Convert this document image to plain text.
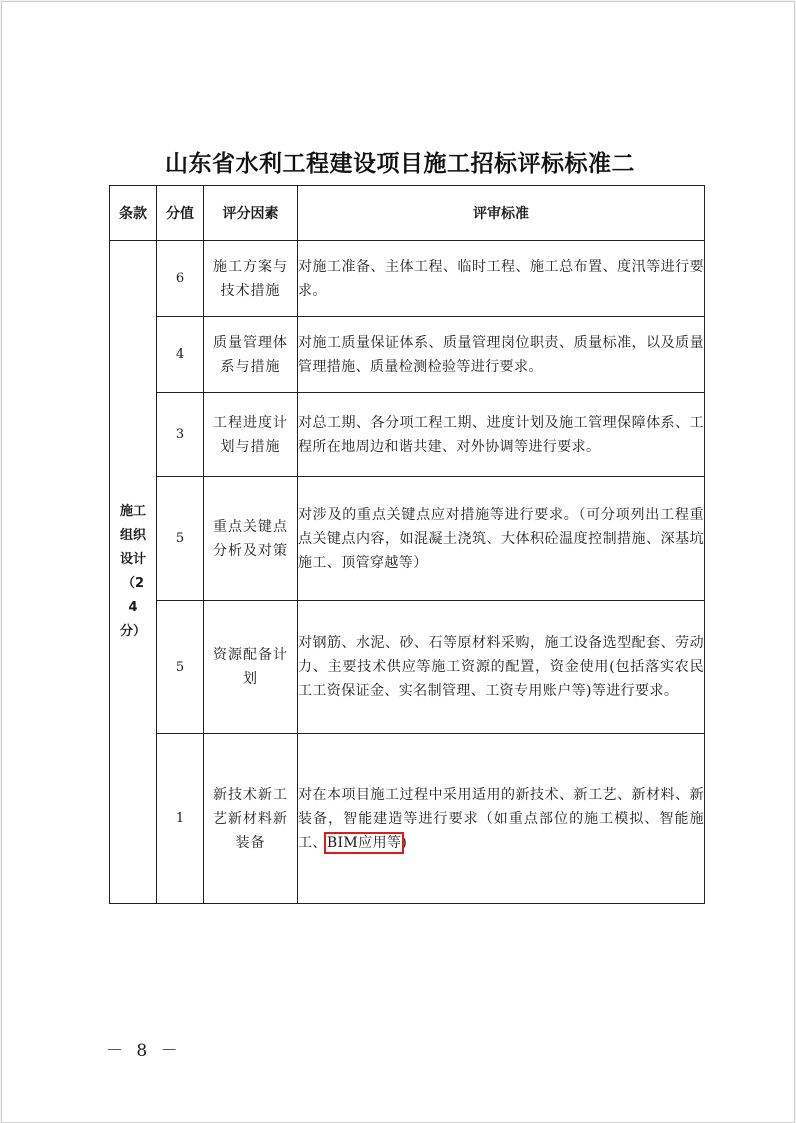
山东省水利工程建设项目施工招标评标标准二
条款	分值	评分因素	评审标准

施工组织设计（24分）	6	施工方案与技术措施	对施工准备、主体工程、临时工程、施工总布置、度汛等进行要求。
	4	质量管理体系与措施	对施工质量保证体系、质量管理岗位职责、质量标准，以及质量管理措施、质量检测检验等进行要求。
	3	工程进度计划与措施	对总工期、各分项工程工期、进度计划及施工管理保障体系、工程所在地周边和谐共建、对外协调等进行要求。
	5	重点关键点分析及对策	对涉及的重点关键点应对措施等进行要求。（可分项列出工程重点关键点内容，如混凝土浇筑、大体积砼温度控制措施、深基坑施工、顶管穿越等）
	5	资源配备计划	对钢筋、水泥、砂、石等原材料采购，施工设备选型配套、劳动力、主要技术供应等施工资源的配置，资金使用(包括落实农民工工资保证金、实名制管理、工资专用账户等)等进行要求。
	1	新技术新工艺新材料新装备	对在本项目施工过程中采用适用的新技术、新工艺、新材料、新装备，智能建造等进行要求（如重点部位的施工模拟、智能施工、BIM应用等)
－ 8 －
